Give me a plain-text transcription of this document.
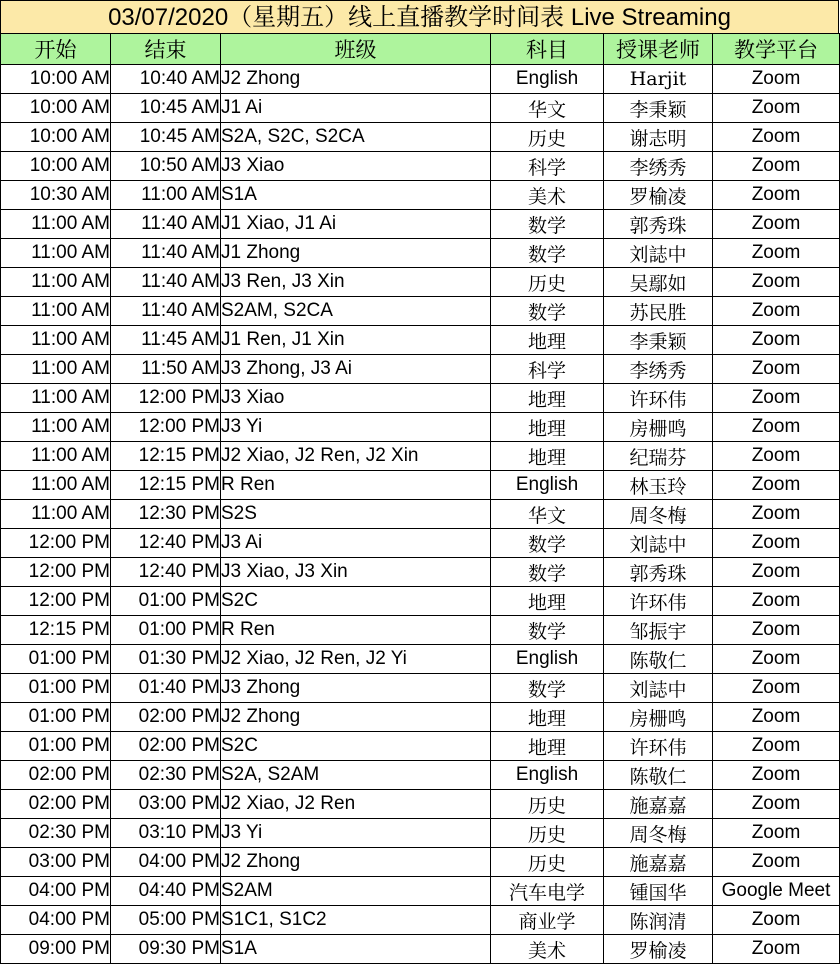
03/07/2020（星期五）线上直播教学时间表 Live Streaming
开始	结束	班级	科目	授课老师	教学平台
10:00 AM	10:40 AM	J2 Zhong	English	Harjit	Zoom
10:00 AM	10:45 AM	J1 Ai	华文	李秉颖	Zoom
10:00 AM	10:45 AM	S2A, S2C, S2CA	历史	谢志明	Zoom
10:00 AM	10:50 AM	J3 Xiao	科学	李绣秀	Zoom
10:30 AM	11:00 AM	S1A	美术	罗榆凌	Zoom
11:00 AM	11:40 AM	J1 Xiao, J1 Ai	数学	郭秀珠	Zoom
11:00 AM	11:40 AM	J1 Zhong	数学	刘誌中	Zoom
11:00 AM	11:40 AM	J3 Ren, J3 Xin	历史	吴鄢如	Zoom
11:00 AM	11:40 AM	S2AM, S2CA	数学	苏民胜	Zoom
11:00 AM	11:45 AM	J1 Ren, J1 Xin	地理	李秉颖	Zoom
11:00 AM	11:50 AM	J3 Zhong, J3 Ai	科学	李绣秀	Zoom
11:00 AM	12:00 PM	J3 Xiao	地理	许环伟	Zoom
11:00 AM	12:00 PM	J3 Yi	地理	房栅鸣	Zoom
11:00 AM	12:15 PM	J2 Xiao, J2 Ren, J2 Xin	地理	纪瑞芬	Zoom
11:00 AM	12:15 PM	R Ren	English	林玉玲	Zoom
11:00 AM	12:30 PM	S2S	华文	周冬梅	Zoom
12:00 PM	12:40 PM	J3 Ai	数学	刘誌中	Zoom
12:00 PM	12:40 PM	J3 Xiao, J3 Xin	数学	郭秀珠	Zoom
12:00 PM	01:00 PM	S2C	地理	许环伟	Zoom
12:15 PM	01:00 PM	R Ren	数学	邹振宇	Zoom
01:00 PM	01:30 PM	J2 Xiao, J2 Ren, J2 Yi	English	陈敬仁	Zoom
01:00 PM	01:40 PM	J3 Zhong	数学	刘誌中	Zoom
01:00 PM	02:00 PM	J2 Zhong	地理	房栅鸣	Zoom
01:00 PM	02:00 PM	S2C	地理	许环伟	Zoom
02:00 PM	02:30 PM	S2A, S2AM	English	陈敬仁	Zoom
02:00 PM	03:00 PM	J2 Xiao, J2 Ren	历史	施嘉嘉	Zoom
02:30 PM	03:10 PM	J3 Yi	历史	周冬梅	Zoom
03:00 PM	04:00 PM	J2 Zhong	历史	施嘉嘉	Zoom
04:00 PM	04:40 PM	S2AM	汽车电学	锺国华	Google Meet
04:00 PM	05:00 PM	S1C1, S1C2	商业学	陈润清	Zoom
09:00 PM	09:30 PM	S1A	美术	罗榆凌	Zoom
